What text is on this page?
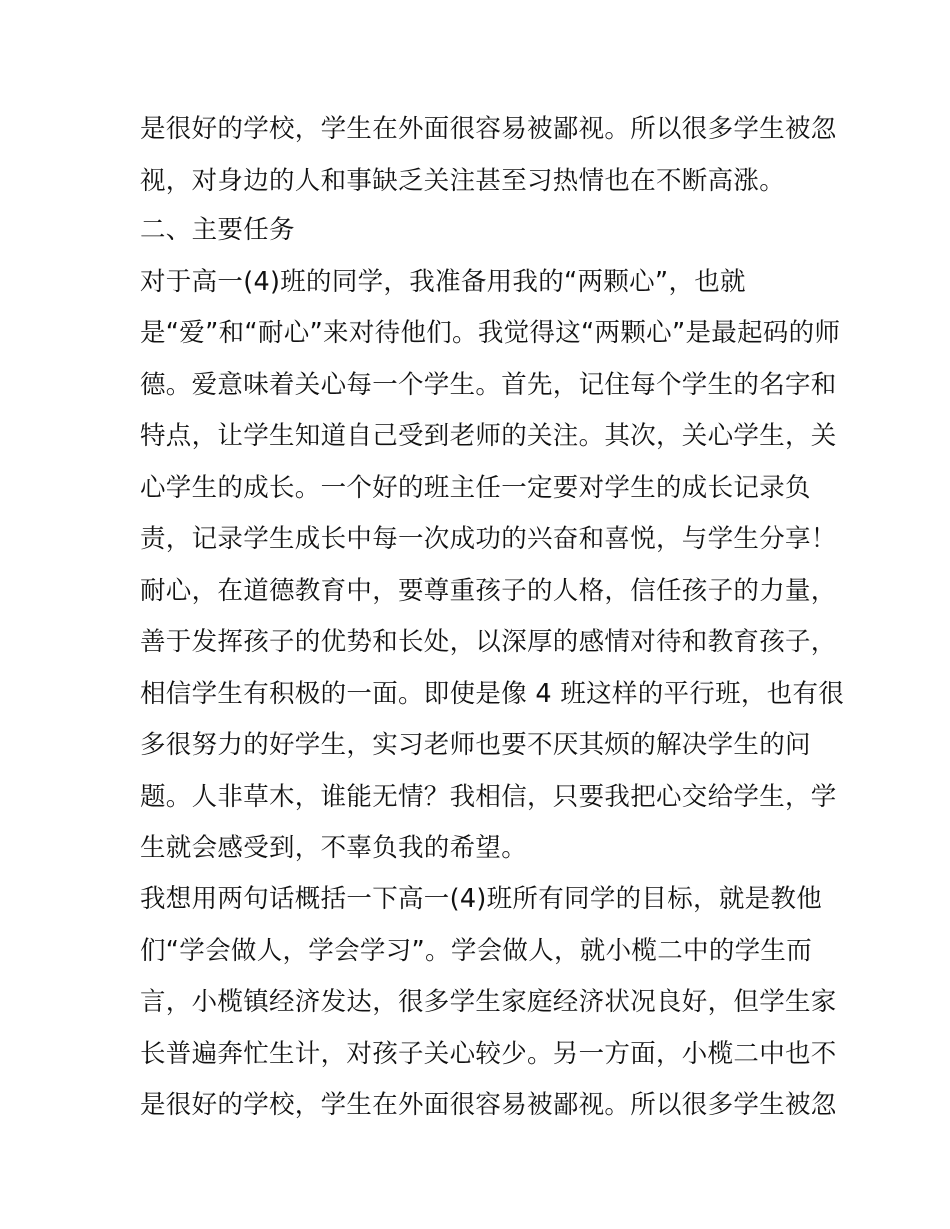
是很好的学校，学生在外面很容易被鄙视。所以很多学生被忽
视，对身边的人和事缺乏关注甚至习热情也在不断高涨。
二、主要任务
对于高一(4)班的同学，我准备用我的“两颗心”，也就
是“爱”和“耐心”来对待他们。我觉得这“两颗心”是最起码的师
德。爱意味着关心每一个学生。首先，记住每个学生的名字和
特点，让学生知道自己受到老师的关注。其次，关心学生，关
心学生的成长。一个好的班主任一定要对学生的成长记录负
责，记录学生成长中每一次成功的兴奋和喜悦，与学生分享！
耐心，在道德教育中，要尊重孩子的人格，信任孩子的力量，
善于发挥孩子的优势和长处，以深厚的感情对待和教育孩子，
相信学生有积极的一面。即使是像 4 班这样的平行班，也有很
多很努力的好学生，实习老师也要不厌其烦的解决学生的问
题。人非草木，谁能无情？我相信，只要我把心交给学生，学
生就会感受到，不辜负我的希望。
我想用两句话概括一下高一(4)班所有同学的目标，就是教他
们“学会做人，学会学习”。学会做人，就小榄二中的学生而
言，小榄镇经济发达，很多学生家庭经济状况良好，但学生家
长普遍奔忙生计，对孩子关心较少。另一方面，小榄二中也不
是很好的学校，学生在外面很容易被鄙视。所以很多学生被忽
